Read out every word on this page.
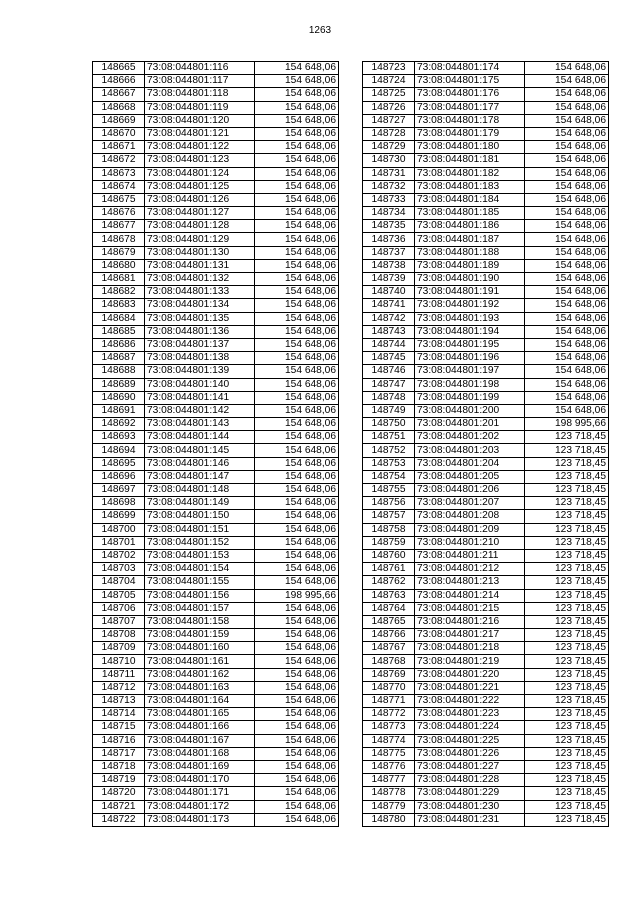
1263
148665	73:08:044801:116	154 648,06
148666	73:08:044801:117	154 648,06
148667	73:08:044801:118	154 648,06
148668	73:08:044801:119	154 648,06
148669	73:08:044801:120	154 648,06
148670	73:08:044801:121	154 648,06
148671	73:08:044801:122	154 648,06
148672	73:08:044801:123	154 648,06
148673	73:08:044801:124	154 648,06
148674	73:08:044801:125	154 648,06
148675	73:08:044801:126	154 648,06
148676	73:08:044801:127	154 648,06
148677	73:08:044801:128	154 648,06
148678	73:08:044801:129	154 648,06
148679	73:08:044801:130	154 648,06
148680	73:08:044801:131	154 648,06
148681	73:08:044801:132	154 648,06
148682	73:08:044801:133	154 648,06
148683	73:08:044801:134	154 648,06
148684	73:08:044801:135	154 648,06
148685	73:08:044801:136	154 648,06
148686	73:08:044801:137	154 648,06
148687	73:08:044801:138	154 648,06
148688	73:08:044801:139	154 648,06
148689	73:08:044801:140	154 648,06
148690	73:08:044801:141	154 648,06
148691	73:08:044801:142	154 648,06
148692	73:08:044801:143	154 648,06
148693	73:08:044801:144	154 648,06
148694	73:08:044801:145	154 648,06
148695	73:08:044801:146	154 648,06
148696	73:08:044801:147	154 648,06
148697	73:08:044801:148	154 648,06
148698	73:08:044801:149	154 648,06
148699	73:08:044801:150	154 648,06
148700	73:08:044801:151	154 648,06
148701	73:08:044801:152	154 648,06
148702	73:08:044801:153	154 648,06
148703	73:08:044801:154	154 648,06
148704	73:08:044801:155	154 648,06
148705	73:08:044801:156	198 995,66
148706	73:08:044801:157	154 648,06
148707	73:08:044801:158	154 648,06
148708	73:08:044801:159	154 648,06
148709	73:08:044801:160	154 648,06
148710	73:08:044801:161	154 648,06
148711	73:08:044801:162	154 648,06
148712	73:08:044801:163	154 648,06
148713	73:08:044801:164	154 648,06
148714	73:08:044801:165	154 648,06
148715	73:08:044801:166	154 648,06
148716	73:08:044801:167	154 648,06
148717	73:08:044801:168	154 648,06
148718	73:08:044801:169	154 648,06
148719	73:08:044801:170	154 648,06
148720	73:08:044801:171	154 648,06
148721	73:08:044801:172	154 648,06
148722	73:08:044801:173	154 648,06
148723	73:08:044801:174	154 648,06
148724	73:08:044801:175	154 648,06
148725	73:08:044801:176	154 648,06
148726	73:08:044801:177	154 648,06
148727	73:08:044801:178	154 648,06
148728	73:08:044801:179	154 648,06
148729	73:08:044801:180	154 648,06
148730	73:08:044801:181	154 648,06
148731	73:08:044801:182	154 648,06
148732	73:08:044801:183	154 648,06
148733	73:08:044801:184	154 648,06
148734	73:08:044801:185	154 648,06
148735	73:08:044801:186	154 648,06
148736	73:08:044801:187	154 648,06
148737	73:08:044801:188	154 648,06
148738	73:08:044801:189	154 648,06
148739	73:08:044801:190	154 648,06
148740	73:08:044801:191	154 648,06
148741	73:08:044801:192	154 648,06
148742	73:08:044801:193	154 648,06
148743	73:08:044801:194	154 648,06
148744	73:08:044801:195	154 648,06
148745	73:08:044801:196	154 648,06
148746	73:08:044801:197	154 648,06
148747	73:08:044801:198	154 648,06
148748	73:08:044801:199	154 648,06
148749	73:08:044801:200	154 648,06
148750	73:08:044801:201	198 995,66
148751	73:08:044801:202	123 718,45
148752	73:08:044801:203	123 718,45
148753	73:08:044801:204	123 718,45
148754	73:08:044801:205	123 718,45
148755	73:08:044801:206	123 718,45
148756	73:08:044801:207	123 718,45
148757	73:08:044801:208	123 718,45
148758	73:08:044801:209	123 718,45
148759	73:08:044801:210	123 718,45
148760	73:08:044801:211	123 718,45
148761	73:08:044801:212	123 718,45
148762	73:08:044801:213	123 718,45
148763	73:08:044801:214	123 718,45
148764	73:08:044801:215	123 718,45
148765	73:08:044801:216	123 718,45
148766	73:08:044801:217	123 718,45
148767	73:08:044801:218	123 718,45
148768	73:08:044801:219	123 718,45
148769	73:08:044801:220	123 718,45
148770	73:08:044801:221	123 718,45
148771	73:08:044801:222	123 718,45
148772	73:08:044801:223	123 718,45
148773	73:08:044801:224	123 718,45
148774	73:08:044801:225	123 718,45
148775	73:08:044801:226	123 718,45
148776	73:08:044801:227	123 718,45
148777	73:08:044801:228	123 718,45
148778	73:08:044801:229	123 718,45
148779	73:08:044801:230	123 718,45
148780	73:08:044801:231	123 718,45
